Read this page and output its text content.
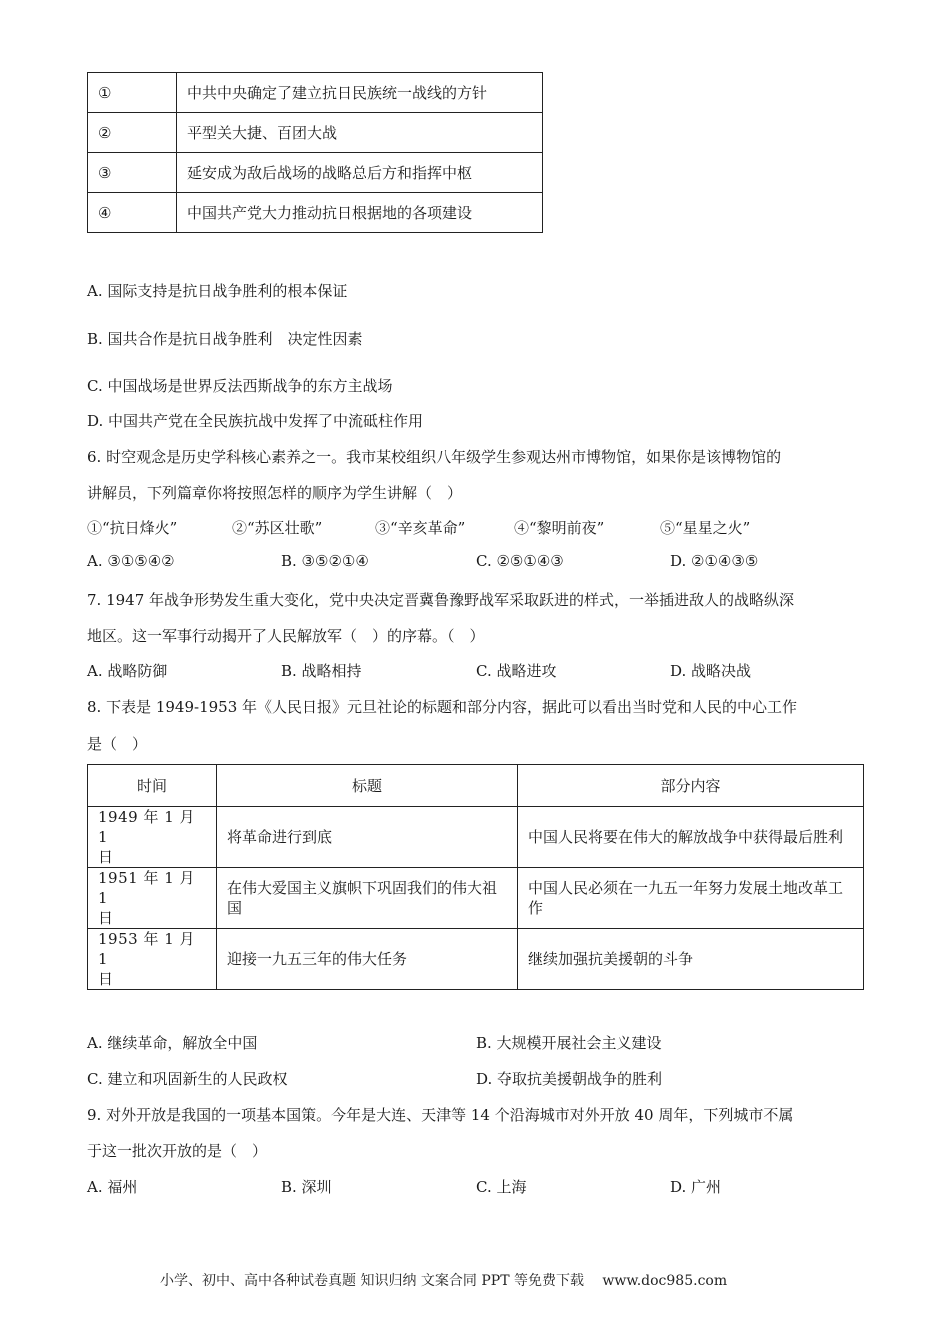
①	中共中央确定了建立抗日民族统一战线的方针
②	平型关大捷、百团大战
③	延安成为敌后战场的战略总后方和指挥中枢
④	中国共产党大力推动抗日根据地的各项建设
A. 国际支持是抗日战争胜利的根本保证
B. 国共合作是抗日战争胜利　决定性因素
C. 中国战场是世界反法西斯战争的东方主战场
D. 中国共产党在全民族抗战中发挥了中流砥柱作用
6. 时空观念是历史学科核心素养之一。我市某校组织八年级学生参观达州市博物馆，如果你是该博物馆的
讲解员，下列篇章你将按照怎样的顺序为学生讲解（　）
①“抗日烽火”	②“苏区壮歌”	③“辛亥革命”	④“黎明前夜”	⑤“星星之火”
A. ③①⑤④②	B. ③⑤②①④	C. ②⑤①④③	D. ②①④③⑤
7. 1947 年战争形势发生重大变化，党中央决定晋冀鲁豫野战军采取跃进的样式，一举插进敌人的战略纵深
地区。这一军事行动揭开了人民解放军（　）的序幕。（　）
A. 战略防御	B. 战略相持	C. 战略进攻	D. 战略决战
8. 下表是 1949-1953 年《人民日报》元旦社论的标题和部分内容，据此可以看出当时党和人民的中心工作
是（　）
时间	标题	部分内容

1949 年 1 月 1
日	将革命进行到底	中国人民将要在伟大的解放战争中获得最后胜利

1951 年 1 月 1
日	在伟大爱国主义旗帜下巩固我们的伟大祖国	中国人民必须在一九五一年努力发展土地改革工作

1953 年 1 月 1
日	迎接一九五三年的伟大任务	继续加强抗美援朝的斗争
A. 继续革命，解放全中国	B. 大规模开展社会主义建设
C. 建立和巩固新生的人民政权	D. 夺取抗美援朝战争的胜利
9. 对外开放是我国的一项基本国策。今年是大连、天津等 14 个沿海城市对外开放 40 周年，下列城市不属
于这一批次开放的是（　）
A. 福州	B. 深圳	C. 上海	D. 广州
小学、初中、高中各种试卷真题 知识归纳 文案合同 PPT 等免费下载　 www.doc985.com
